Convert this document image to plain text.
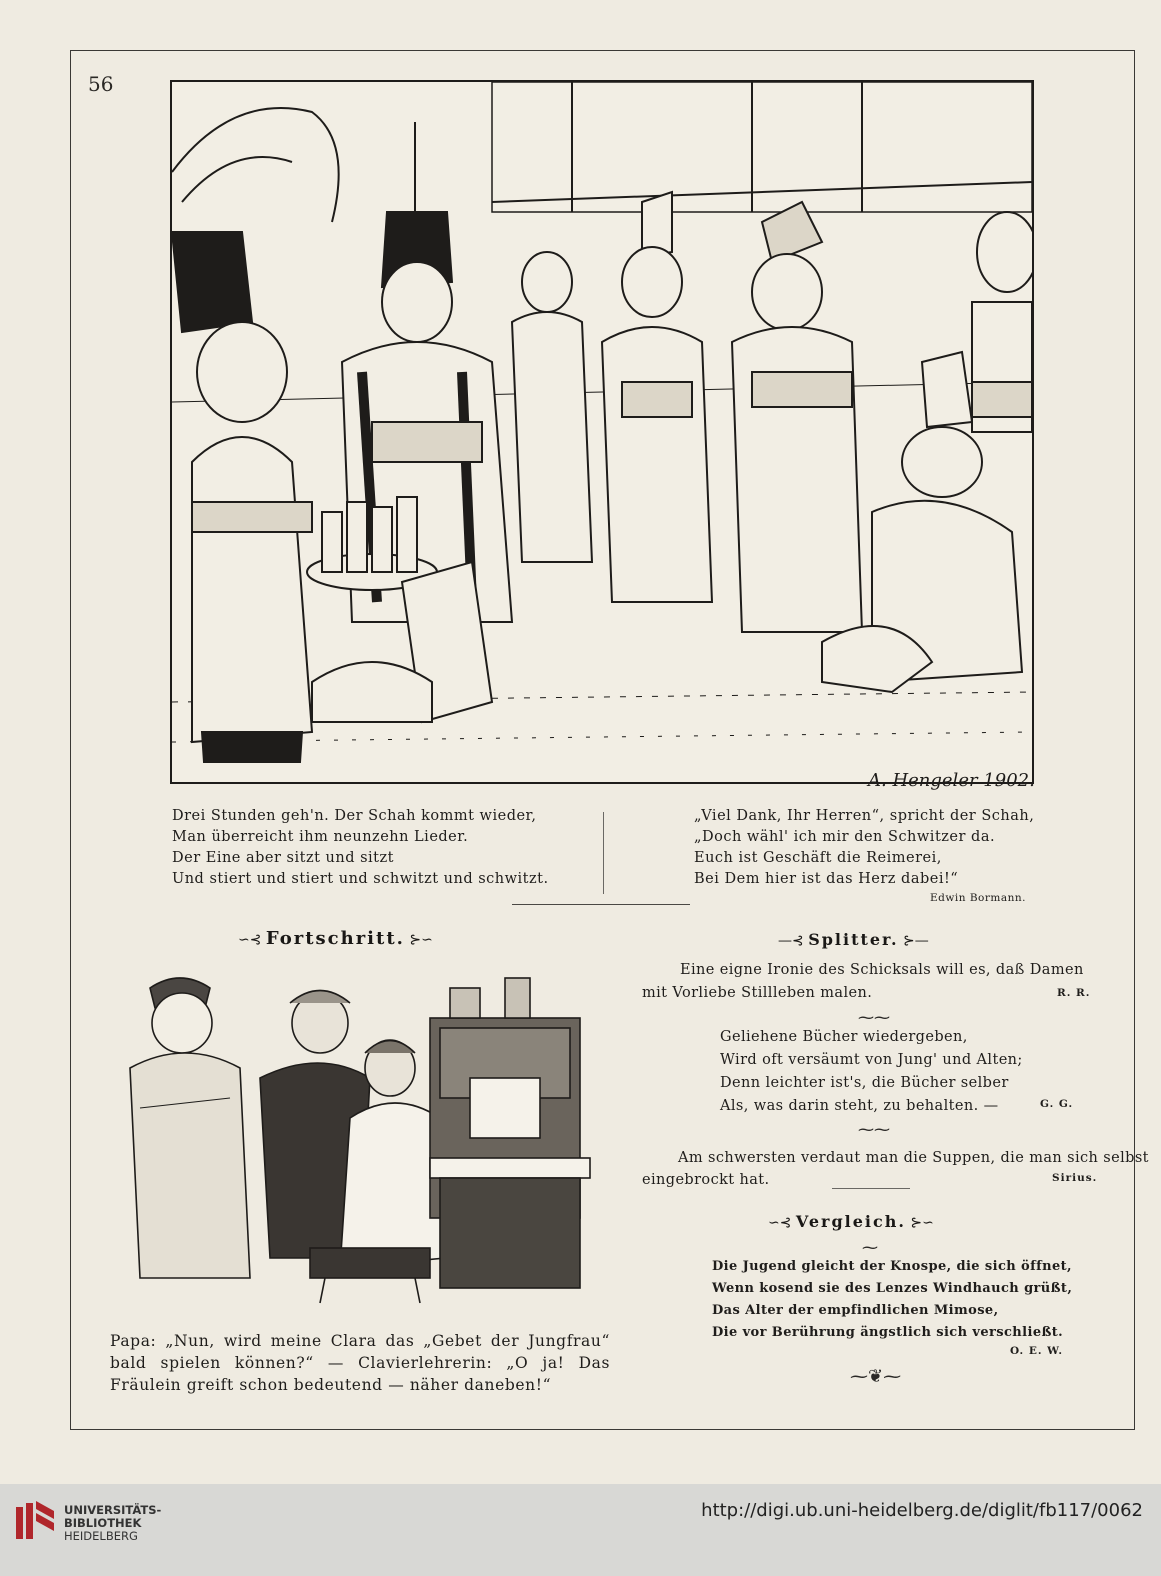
56
A. Hengeler 1902.
Drei Stunden geh'n. Der Schah kommt wieder,
Man überreicht ihm neunzehn Lieder.
Der Eine aber sitzt und sitzt
Und stiert und stiert und schwitzt und schwitzt.
„Viel Dank, Ihr Herren“, spricht der Schah,
„Doch wähl' ich mir den Schwitzer da.
Euch ist Geschäft die Reimerei,
Bei Dem hier ist das Herz dabei!“
Edwin Bormann.
∽⊰ Fortschritt. ⊱∽
Papa: „Nun, wird meine Clara das „Gebet der Jungfrau“ bald spielen können?“ — Clavierlehrerin: „O ja! Das Fräulein greift schon bedeutend — näher daneben!“
—⊰ Splitter. ⊱—
Eine eigne Ironie des Schicksals will es, daß Damen
mit Vorliebe Stillleben malen.	R. R.
⁓⁓
Geliehene Bücher wiedergeben,
Wird oft versäumt von Jung' und Alten;
Denn leichter ist's, die Bücher selber
Als, was darin steht, zu behalten. —	G. G.
⁓⁓
Am schwersten verdaut man die Suppen, die man sich selbst
eingebrockt hat.	Sirius.
∽⊰ Vergleich. ⊱∽
⁓
Die Jugend gleicht der Knospe, die sich öffnet,
Wenn kosend sie des Lenzes Windhauch grüßt,
Das Alter der empfindlichen Mimose,
Die vor Berührung ängstlich sich verschließt.
O. E. W.
⁓❦⁓
UNIVERSITÄTS-
BIBLIOTHEK
HEIDELBERG
http://digi.ub.uni-heidelberg.de/diglit/fb117/0062
